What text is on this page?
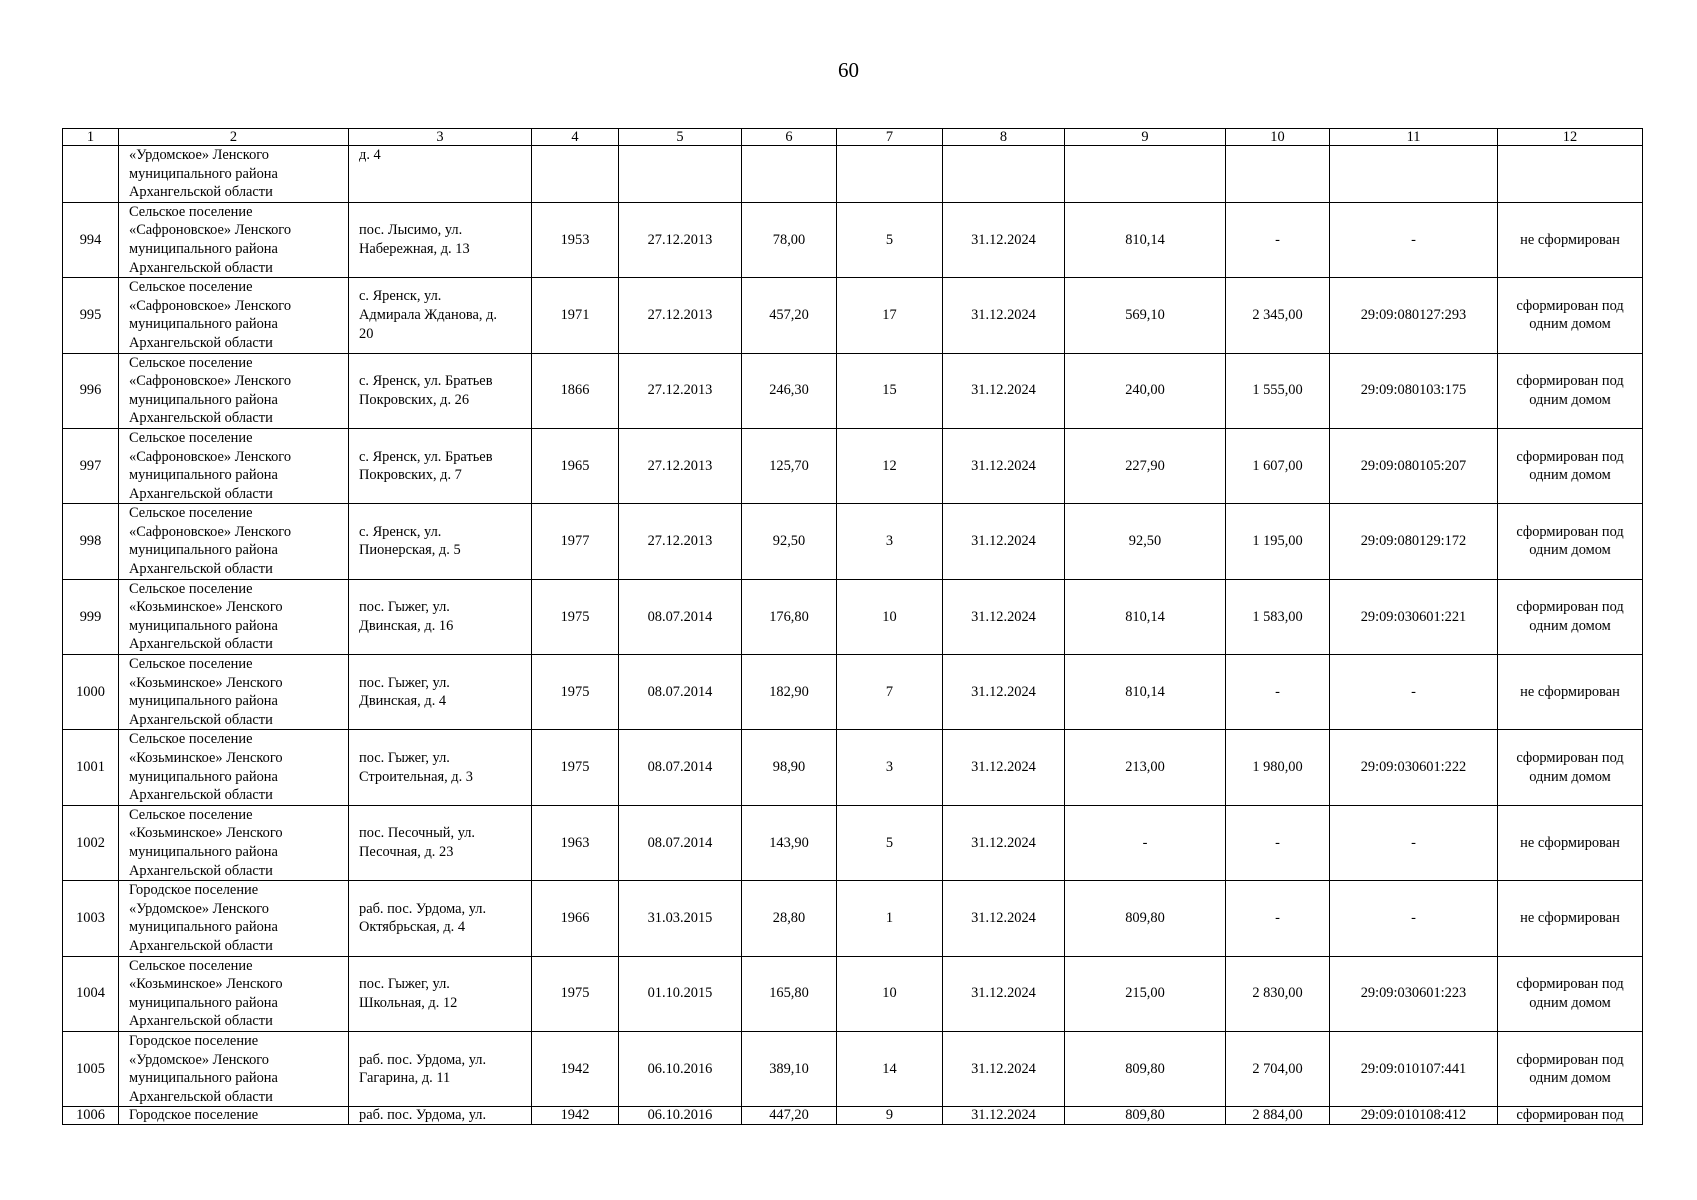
60
1	2	3	4	5	6	7	8	9	10	11	12
	«Урдомское» Ленского
муниципального района
Архангельской области	д. 4									
994	Сельское поселение
«Сафроновское» Ленского
муниципального района
Архангельской области	пос. Лысимо, ул.
Набережная, д. 13	1953	27.12.2013	78,00	5	31.12.2024	810,14	-	-	не сформирован
995	Сельское поселение
«Сафроновское» Ленского
муниципального района
Архангельской области	с. Яренск, ул.
Адмирала Жданова, д.
20	1971	27.12.2013	457,20	17	31.12.2024	569,10	2 345,00	29:09:080127:293	сформирован под
одним домом
996	Сельское поселение
«Сафроновское» Ленского
муниципального района
Архангельской области	с. Яренск, ул. Братьев
Покровских, д. 26	1866	27.12.2013	246,30	15	31.12.2024	240,00	1 555,00	29:09:080103:175	сформирован под
одним домом
997	Сельское поселение
«Сафроновское» Ленского
муниципального района
Архангельской области	с. Яренск, ул. Братьев
Покровских, д. 7	1965	27.12.2013	125,70	12	31.12.2024	227,90	1 607,00	29:09:080105:207	сформирован под
одним домом
998	Сельское поселение
«Сафроновское» Ленского
муниципального района
Архангельской области	с. Яренск, ул.
Пионерская, д. 5	1977	27.12.2013	92,50	3	31.12.2024	92,50	1 195,00	29:09:080129:172	сформирован под
одним домом
999	Сельское поселение
«Козьминское» Ленского
муниципального района
Архангельской области	пос. Гыжег, ул.
Двинская, д. 16	1975	08.07.2014	176,80	10	31.12.2024	810,14	1 583,00	29:09:030601:221	сформирован под
одним домом
1000	Сельское поселение
«Козьминское» Ленского
муниципального района
Архангельской области	пос. Гыжег, ул.
Двинская, д. 4	1975	08.07.2014	182,90	7	31.12.2024	810,14	-	-	не сформирован
1001	Сельское поселение
«Козьминское» Ленского
муниципального района
Архангельской области	пос. Гыжег, ул.
Строительная, д. 3	1975	08.07.2014	98,90	3	31.12.2024	213,00	1 980,00	29:09:030601:222	сформирован под
одним домом
1002	Сельское поселение
«Козьминское» Ленского
муниципального района
Архангельской области	пос. Песочный, ул.
Песочная, д. 23	1963	08.07.2014	143,90	5	31.12.2024	-	-	-	не сформирован
1003	Городское поселение
«Урдомское» Ленского
муниципального района
Архангельской области	раб. пос. Урдома, ул.
Октябрьская, д. 4	1966	31.03.2015	28,80	1	31.12.2024	809,80	-	-	не сформирован
1004	Сельское поселение
«Козьминское» Ленского
муниципального района
Архангельской области	пос. Гыжег, ул.
Школьная, д. 12	1975	01.10.2015	165,80	10	31.12.2024	215,00	2 830,00	29:09:030601:223	сформирован под
одним домом
1005	Городское поселение
«Урдомское» Ленского
муниципального района
Архангельской области	раб. пос. Урдома, ул.
Гагарина, д. 11	1942	06.10.2016	389,10	14	31.12.2024	809,80	2 704,00	29:09:010107:441	сформирован под
одним домом
1006	Городское поселение	раб. пос. Урдома, ул.	1942	06.10.2016	447,20	9	31.12.2024	809,80	2 884,00	29:09:010108:412	сформирован под
